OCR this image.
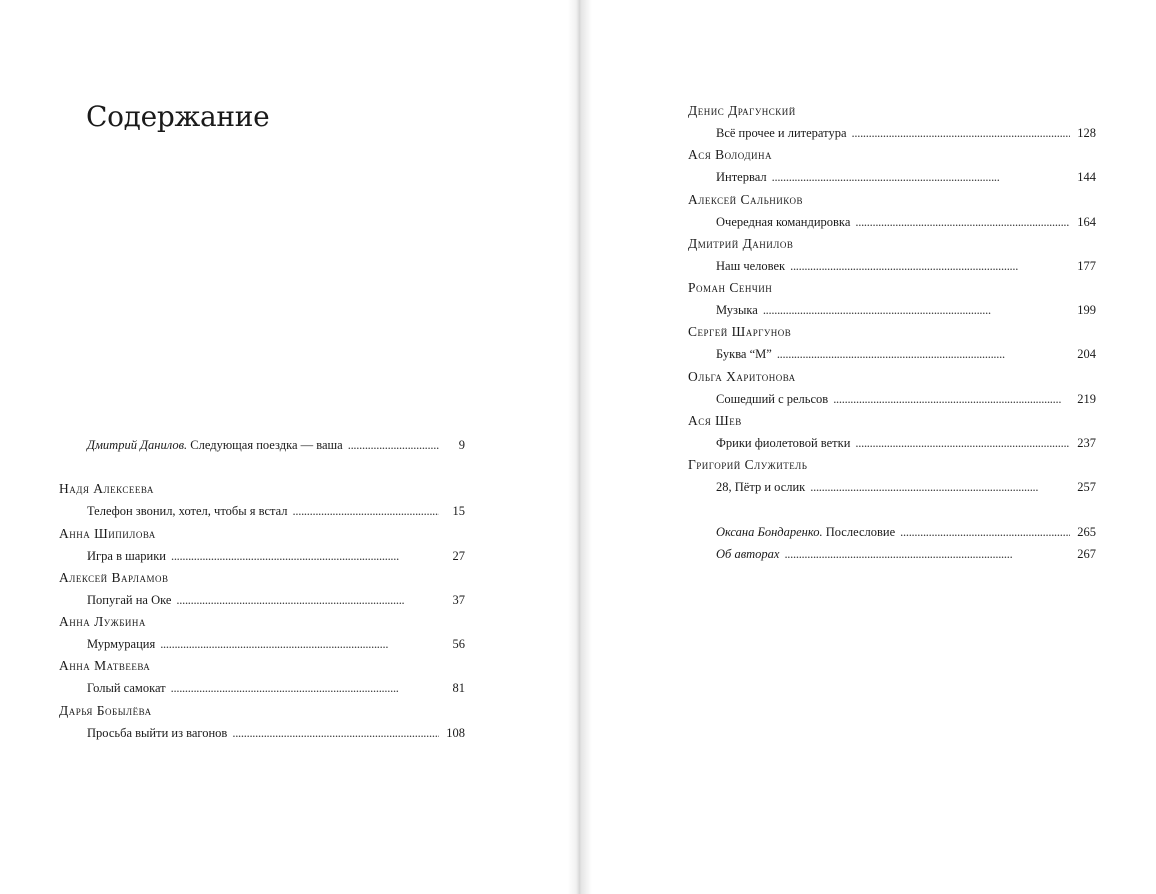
Содержание
Дмитрий Данилов. Следующая поездка — ваша . . .	9
Надя Алексеева
Телефон звонил, хотел, чтобы я встал . . .	15
Анна Шипилова
Игра в шарики . . .	27
Алексей Варламов
Попугай на Оке . . .	37
Анна Лужбина
Мурмурация . . .	56
Анна Матвеева
Голый самокат . . .	81
Дарья Бобылёва
Просьба выйти из вагонов . . .	108
Денис Драгунский
Всё прочее и литература . . .	128
Ася Володина
Интервал . . .	144
Алексей Сальников
Очередная командировка . . .	164
Дмитрий Данилов
Наш человек . . .	177
Роман Сенчин
Музыка . . .	199
Сергей Шаргунов
Буква “М” . . .	204
Ольга Харитонова
Сошедший с рельсов . . .	219
Ася Шев
Фрики фиолетовой ветки . . .	237
Григорий Служитель
28, Пётр и ослик . . .	257
Оксана Бондаренко. Послесловие . . .	265
Об авторах . . .	267
